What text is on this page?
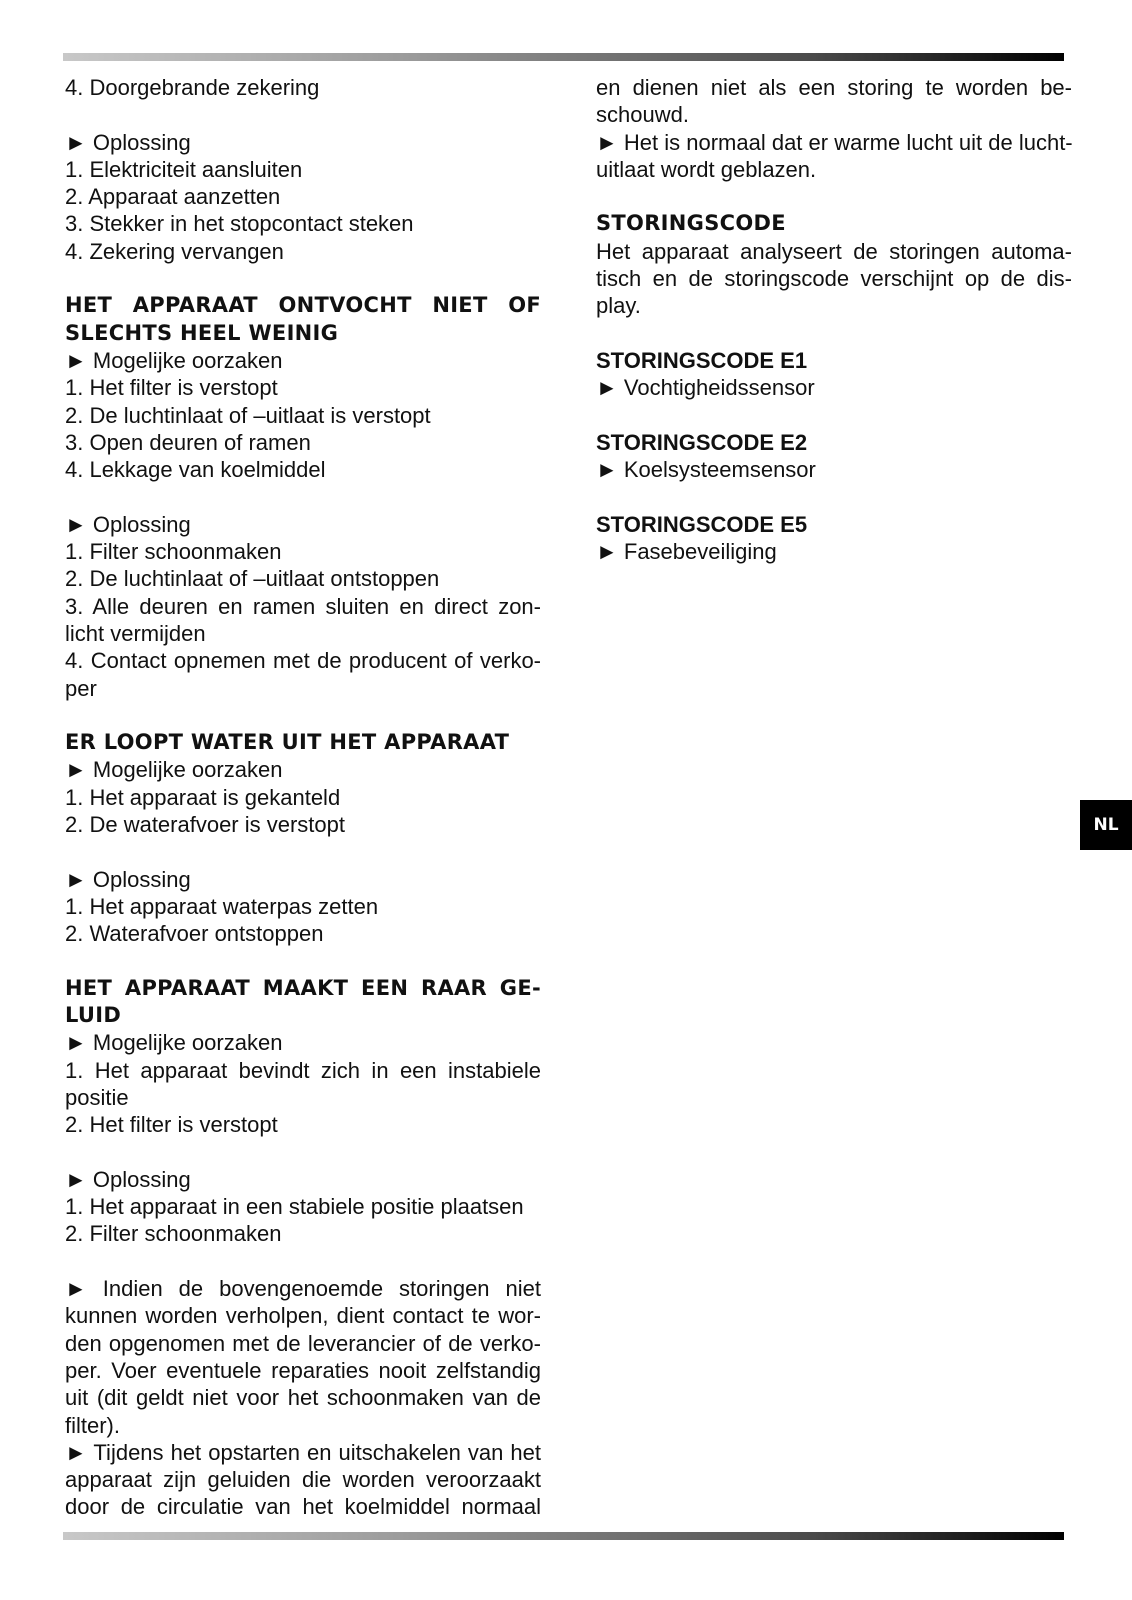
4. Doorgebrande zekering
► Oplossing
1. Elektriciteit aansluiten
2. Apparaat aanzetten
3. Stekker in het stopcontact steken
4. Zekering vervangen
HET APPARAAT ONTVOCHT NIET OF
SLECHTS HEEL WEINIG
► Mogelijke oorzaken
1. Het filter is verstopt
2. De luchtinlaat of –uitlaat is verstopt
3. Open deuren of ramen
4. Lekkage van koelmiddel
► Oplossing
1. Filter schoonmaken
2. De luchtinlaat of –uitlaat ontstoppen
3. Alle deuren en ramen sluiten en direct zon-
licht vermijden
4. Contact opnemen met de producent of verko-
per
ER LOOPT WATER UIT HET APPARAAT
► Mogelijke oorzaken
1. Het apparaat is gekanteld
2. De waterafvoer is verstopt
► Oplossing
1. Het apparaat waterpas zetten
2. Waterafvoer ontstoppen
HET APPARAAT MAAKT EEN RAAR GE-
LUID
► Mogelijke oorzaken
1. Het apparaat bevindt zich in een instabiele
positie
2. Het filter is verstopt
► Oplossing
1. Het apparaat in een stabiele positie plaatsen
2. Filter schoonmaken
► Indien de bovengenoemde storingen niet
kunnen worden verholpen, dient contact te wor-
den opgenomen met de leverancier of de verko-
per. Voer eventuele reparaties nooit zelfstandig
uit (dit geldt niet voor het schoonmaken van de
filter).
► Tijdens het opstarten en uitschakelen van het
apparaat zijn geluiden die worden veroorzaakt
door de circulatie van het koelmiddel normaal
en dienen niet als een storing te worden be-
schouwd.
► Het is normaal dat er warme lucht uit de lucht-
uitlaat wordt geblazen.
STORINGSCODE
Het apparaat analyseert de storingen automa-
tisch en de storingscode verschijnt op de dis-
play.
STORINGSCODE E1
► Vochtigheidssensor
STORINGSCODE E2
► Koelsysteemsensor
STORINGSCODE E5
► Fasebeveiliging
NL
